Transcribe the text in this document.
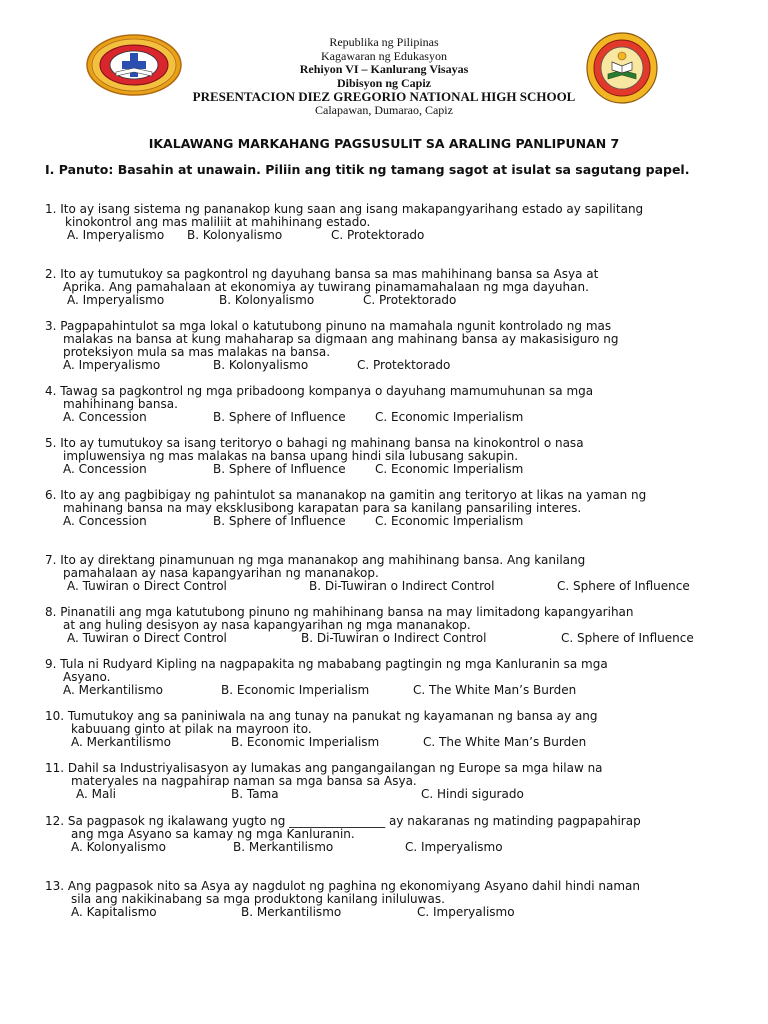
Republika ng Pilipinas
Kagawaran ng Edukasyon
Rehiyon VI – Kanlurang Visayas
Dibisyon ng Capiz
PRESENTACION DIEZ GREGORIO NATIONAL HIGH SCHOOL
Calapawan, Dumarao, Capiz
IKALAWANG MARKAHANG PAGSUSULIT SA ARALING PANLIPUNAN 7
I. Panuto: Basahin at unawain. Piliin ang titik ng tamang sagot at isulat sa sagutang papel.
1. Ito ay isang sistema ng pananakop kung saan ang isang makapangyarihang estado ay sapilitang
kinokontrol ang mas maliliit at mahihinang estado.
A. Imperyalismo B. Kolonyalismo	C. Protektorado
2. Ito ay tumutukoy sa pagkontrol ng dayuhang bansa sa mas mahihinang bansa sa Asya at
Aprika. Ang pamahalaan at ekonomiya ay tuwirang pinamamahalaan ng mga dayuhan.
A. Imperyalismo	B. Kolonyalismo	C. Protektorado
3. Pagpapahintulot sa mga lokal o katutubong pinuno na mamahala ngunit kontrolado ng mas
malakas na bansa at kung mahaharap sa digmaan ang mahinang bansa ay makasisiguro ng
proteksiyon mula sa mas malakas na bansa.
A. Imperyalismo	B. Kolonyalismo	C. Protektorado
4. Tawag sa pagkontrol ng mga pribadoong kompanya o dayuhang mamumuhunan sa mga
mahihinang bansa.
A. Concession	B. Sphere of Influence C. Economic Imperialism
5. Ito ay tumutukoy sa isang teritoryo o bahagi ng mahinang bansa na kinokontrol o nasa
impluwensiya ng mas malakas na bansa upang hindi sila lubusang sakupin.
A. Concession	B. Sphere of Influence C. Economic Imperialism
6. Ito ay ang pagbibigay ng pahintulot sa mananakop na gamitin ang teritoryo at likas na yaman ng
mahinang bansa na may eksklusibong karapatan para sa kanilang pansariling interes.
A. Concession	B. Sphere of Influence C. Economic Imperialism
7. Ito ay direktang pinamunuan ng mga mananakop ang mahihinang bansa. Ang kanilang
pamahalaan ay nasa kapangyarihan ng mananakop.
A. Tuwiran o Direct Control	B. Di-Tuwiran o Indirect Control	C. Sphere of Influence
8. Pinanatili ang mga katutubong pinuno ng mahihinang bansa na may limitadong kapangyarihan
at ang huling desisyon ay nasa kapangyarihan ng mga mananakop.
A. Tuwiran o Direct Control	B. Di-Tuwiran o Indirect Control	C. Sphere of Influence
9. Tula ni Rudyard Kipling na nagpapakita ng mababang pagtingin ng mga Kanluranin sa mga
Asyano.
A. Merkantilismo	B. Economic Imperialism	C. The White Man’s Burden
10. Tumutukoy ang sa paniniwala na ang tunay na panukat ng kayamanan ng bansa ay ang
kabuuang ginto at pilak na mayroon ito.
A. Merkantilismo	B. Economic Imperialism	C. The White Man’s Burden
11. Dahil sa Industriyalisasyon ay lumakas ang pangangailangan ng Europe sa mga hilaw na
materyales na nagpahirap naman sa mga bansa sa Asya.
A. Mali	B. Tama	C. Hindi sigurado
12. Sa pagpasok ng ikalawang yugto ng ________________ ay nakaranas ng matinding pagpapahirap
ang mga Asyano sa kamay ng mga Kanluranin.
A. Kolonyalismo	B. Merkantilismo	C. Imperyalismo
13. Ang pagpasok nito sa Asya ay nagdulot ng paghina ng ekonomiyang Asyano dahil hindi naman
sila ang nakikinabang sa mga produktong kanilang iniluluwas.
A. Kapitalismo	B. Merkantilismo	C. Imperyalismo
